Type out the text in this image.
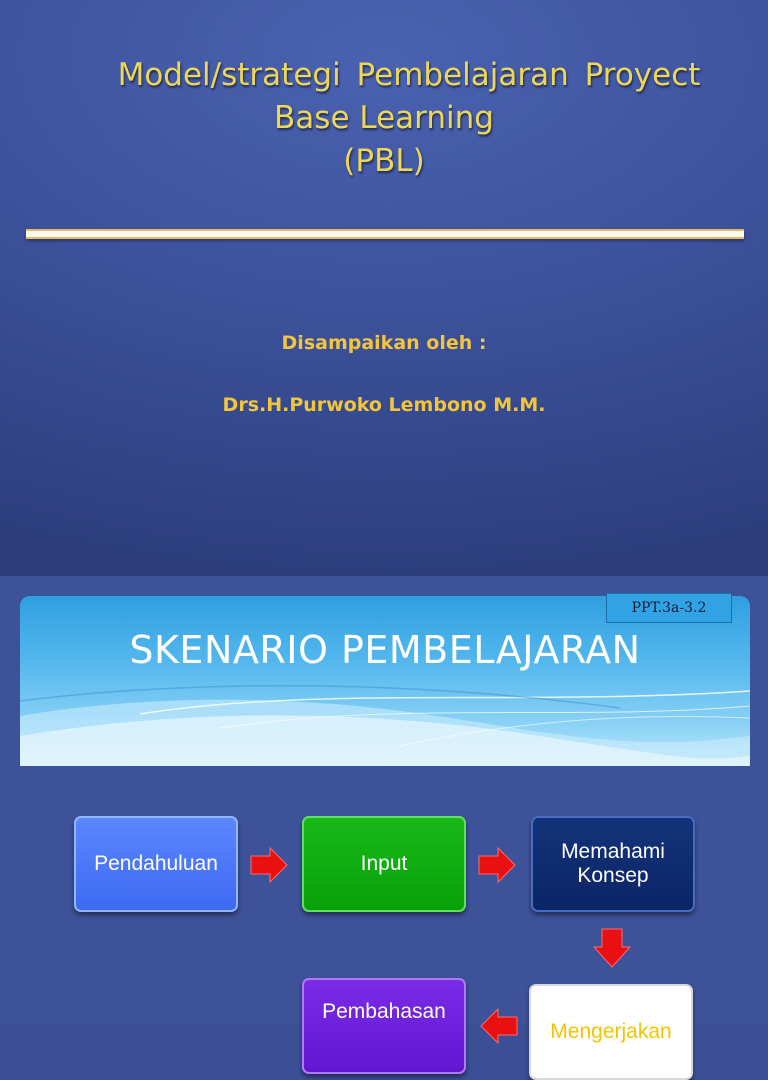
Model/strategi Pembelajaran Proyect
Base Learning
(PBL)
Disampaikan oleh :
Drs.H.Purwoko Lembono M.M.
SKENARIO PEMBELAJARAN
PPT.3a-3.2
Pendahuluan	Input
Memahami Konsep
Mengerjakan
Pembahasan
